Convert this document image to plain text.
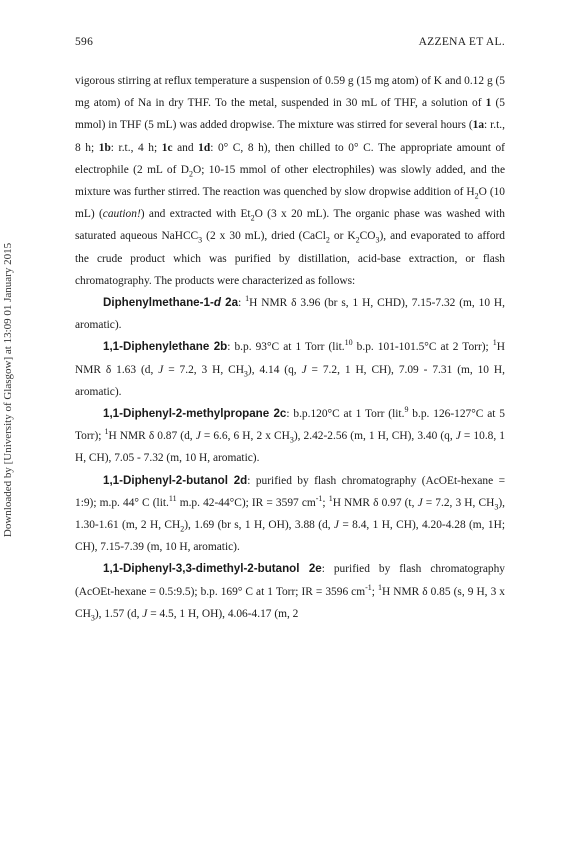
596	AZZENA ET AL.
Downloaded by [University of Glasgow] at 13:09 01 January 2015

vigorous stirring at reflux temperature a suspension of 0.59 g (15 mg atom) of K and 0.12 g (5 mg atom) of Na in dry THF. To the metal, suspended in 30 mL of THF, a solution of 1 (5 mmol) in THF (5 mL) was added dropwise. The mixture was stirred for several hours (1a: r.t., 8 h; 1b: r.t., 4 h; 1c and 1d: 0° C, 8 h), then chilled to 0° C. The appropriate amount of electrophile (2 mL of $D_2O$; 10-15 mmol of other electrophiles) was slowly added, and the mixture was further stirred. The reaction was quenched by slow dropwise addition of $H_2O$ (10 mL) (caution!) and extracted with $Et_2O$ (3 x 20 mL). The organic phase was washed with saturated aqueous NaHCC$_3$ (2 x 30 mL), dried (CaCl$_2$ or $K_2CO_3$), and evaporated to afford the crude product which was purified by distillation, acid-base extraction, or flash chromatography. The products were characterized as follows:

Diphenylmethane-1-d 2a: $^1$H NMR δ 3.96 (br s, 1 H, CHD), 7.15-7.32 (m, 10 H, aromatic).

1,1-Diphenylethane 2b: b.p. 93°C at 1 Torr (lit.$^{10}$ b.p. 101-101.5°C at 2 Torr); $^1$H NMR δ 1.63 (d, J = 7.2, 3 H, $CH_3$), 4.14 (q, J = 7.2, 1 H, CH), 7.09 - 7.31 (m, 10 H, aromatic).

1,1-Diphenyl-2-methylpropane 2c: b.p.120°C at 1 Torr (lit.$^9$ b.p. 126-127°C at 5 Torr); $^1$H NMR δ 0.87 (d, J = 6.6, 6 H, 2 x $CH_3$), 2.42-2.56 (m, 1 H, CH), 3.40 (q, J = 10.8, 1 H, CH), 7.05 - 7.32 (m, 10 H, aromatic).

1,1-Diphenyl-2-butanol 2d: purified by flash chromatography (AcOEt-hexane = 1:9); m.p. 44° C (lit.$^{11}$ m.p. 42-44°C); IR = 3597 $cm^{-1}$; $^1$H NMR δ 0.97 (t, J = 7.2, 3 H, $CH_3$), 1.30-1.61 (m, 2 H, $CH_2$), 1.69 (br s, 1 H, OH), 3.88 (d, J = 8.4, 1 H, CH), 4.20-4.28 (m, 1H; CH), 7.15-7.39 (m, 10 H, aromatic).

1,1-Diphenyl-3,3-dimethyl-2-butanol 2e: purified by flash chromatography (AcOEt-hexane = 0.5:9.5); b.p. 169° C at 1 Torr; IR = 3596 $cm^{-1}$; $^1$H NMR δ 0.85 (s, 9 H, 3 x $CH_3$), 1.57 (d, J = 4.5, 1 H, OH), 4.06-4.17 (m, 2
